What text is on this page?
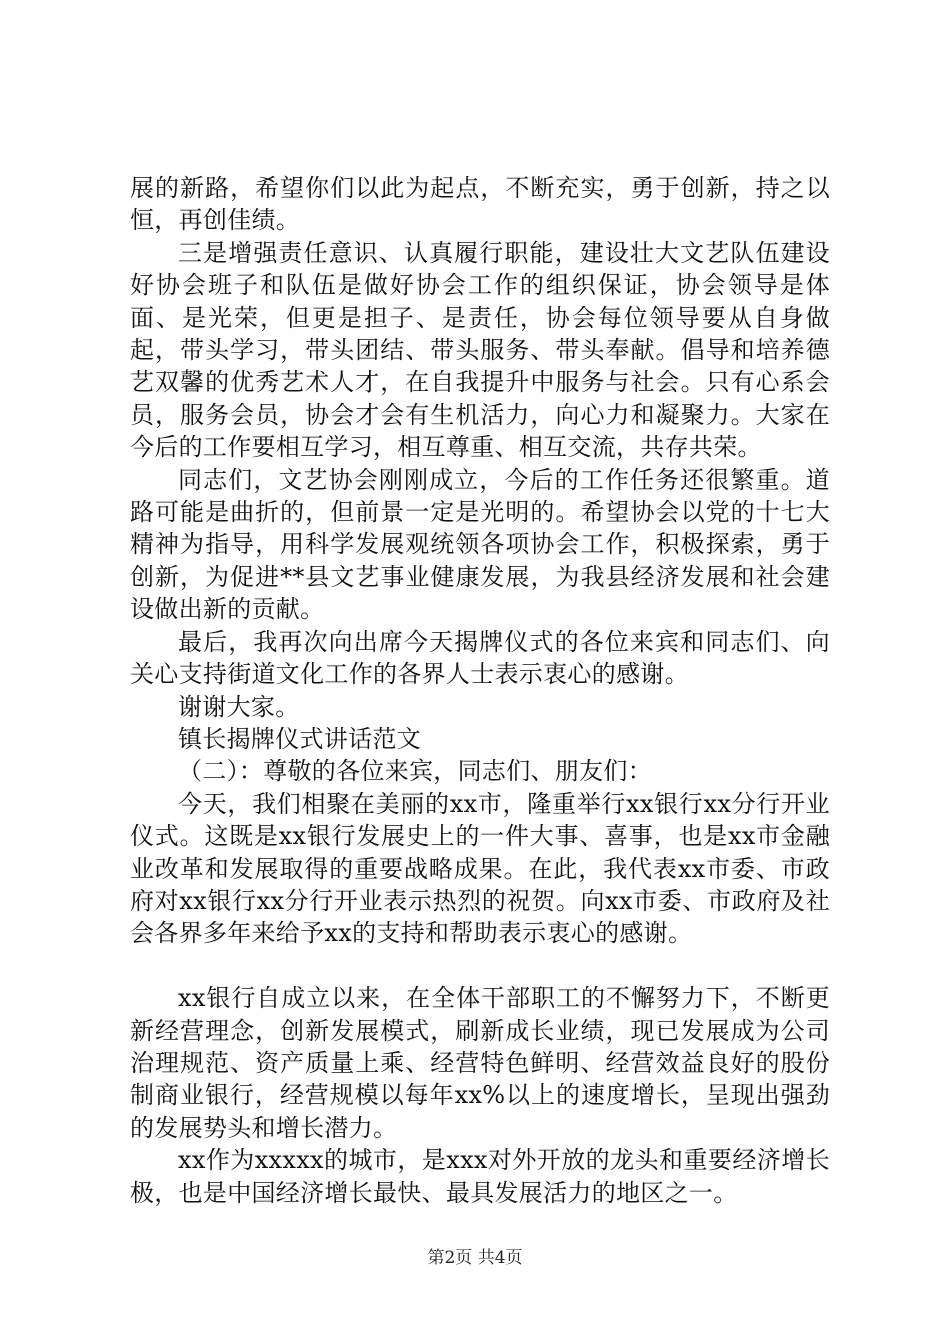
展的新路，希望你们以此为起点，不断充实，勇于创新，持之以恒，再创佳绩。

三是增强责任意识、认真履行职能，建设壮大文艺队伍建设好协会班子和队伍是做好协会工作的组织保证，协会领导是体面、是光荣，但更是担子、是责任，协会每位领导要从自身做起，带头学习，带头团结、带头服务、带头奉献。倡导和培养德艺双馨的优秀艺术人才，在自我提升中服务与社会。只有心系会员，服务会员，协会才会有生机活力，向心力和凝聚力。大家在今后的工作要相互学习，相互尊重、相互交流，共存共荣。

同志们，文艺协会刚刚成立，今后的工作任务还很繁重。道路可能是曲折的，但前景一定是光明的。希望协会以党的十七大精神为指导，用科学发展观统领各项协会工作，积极探索，勇于创新，为促进**县文艺事业健康发展，为我县经济发展和社会建设做出新的贡献。

最后，我再次向出席今天揭牌仪式的各位来宾和同志们、向关心支持街道文化工作的各界人士表示衷心的感谢。

谢谢大家。

镇长揭牌仪式讲话范文

（二）：尊敬的各位来宾，同志们、朋友们：

今天，我们相聚在美丽的xx市，隆重举行xx银行xx分行开业仪式。这既是xx银行发展史上的一件大事、喜事，也是xx市金融业改革和发展取得的重要战略成果。在此，我代表xx市委、市政府对xx银行xx分行开业表示热烈的祝贺。向xx市委、市政府及社会各界多年来给予xx的支持和帮助表示衷心的感谢。

xx银行自成立以来，在全体干部职工的不懈努力下，不断更新经营理念，创新发展模式，刷新成长业绩，现已发展成为公司治理规范、资产质量上乘、经营特色鲜明、经营效益良好的股份制商业银行，经营规模以每年xx%以上的速度增长，呈现出强劲的发展势头和增长潜力。

xx作为xxxxx的城市，是xxx对外开放的龙头和重要经济增长极，也是中国经济增长最快、最具发展活力的地区之一。

第2页 共4页
